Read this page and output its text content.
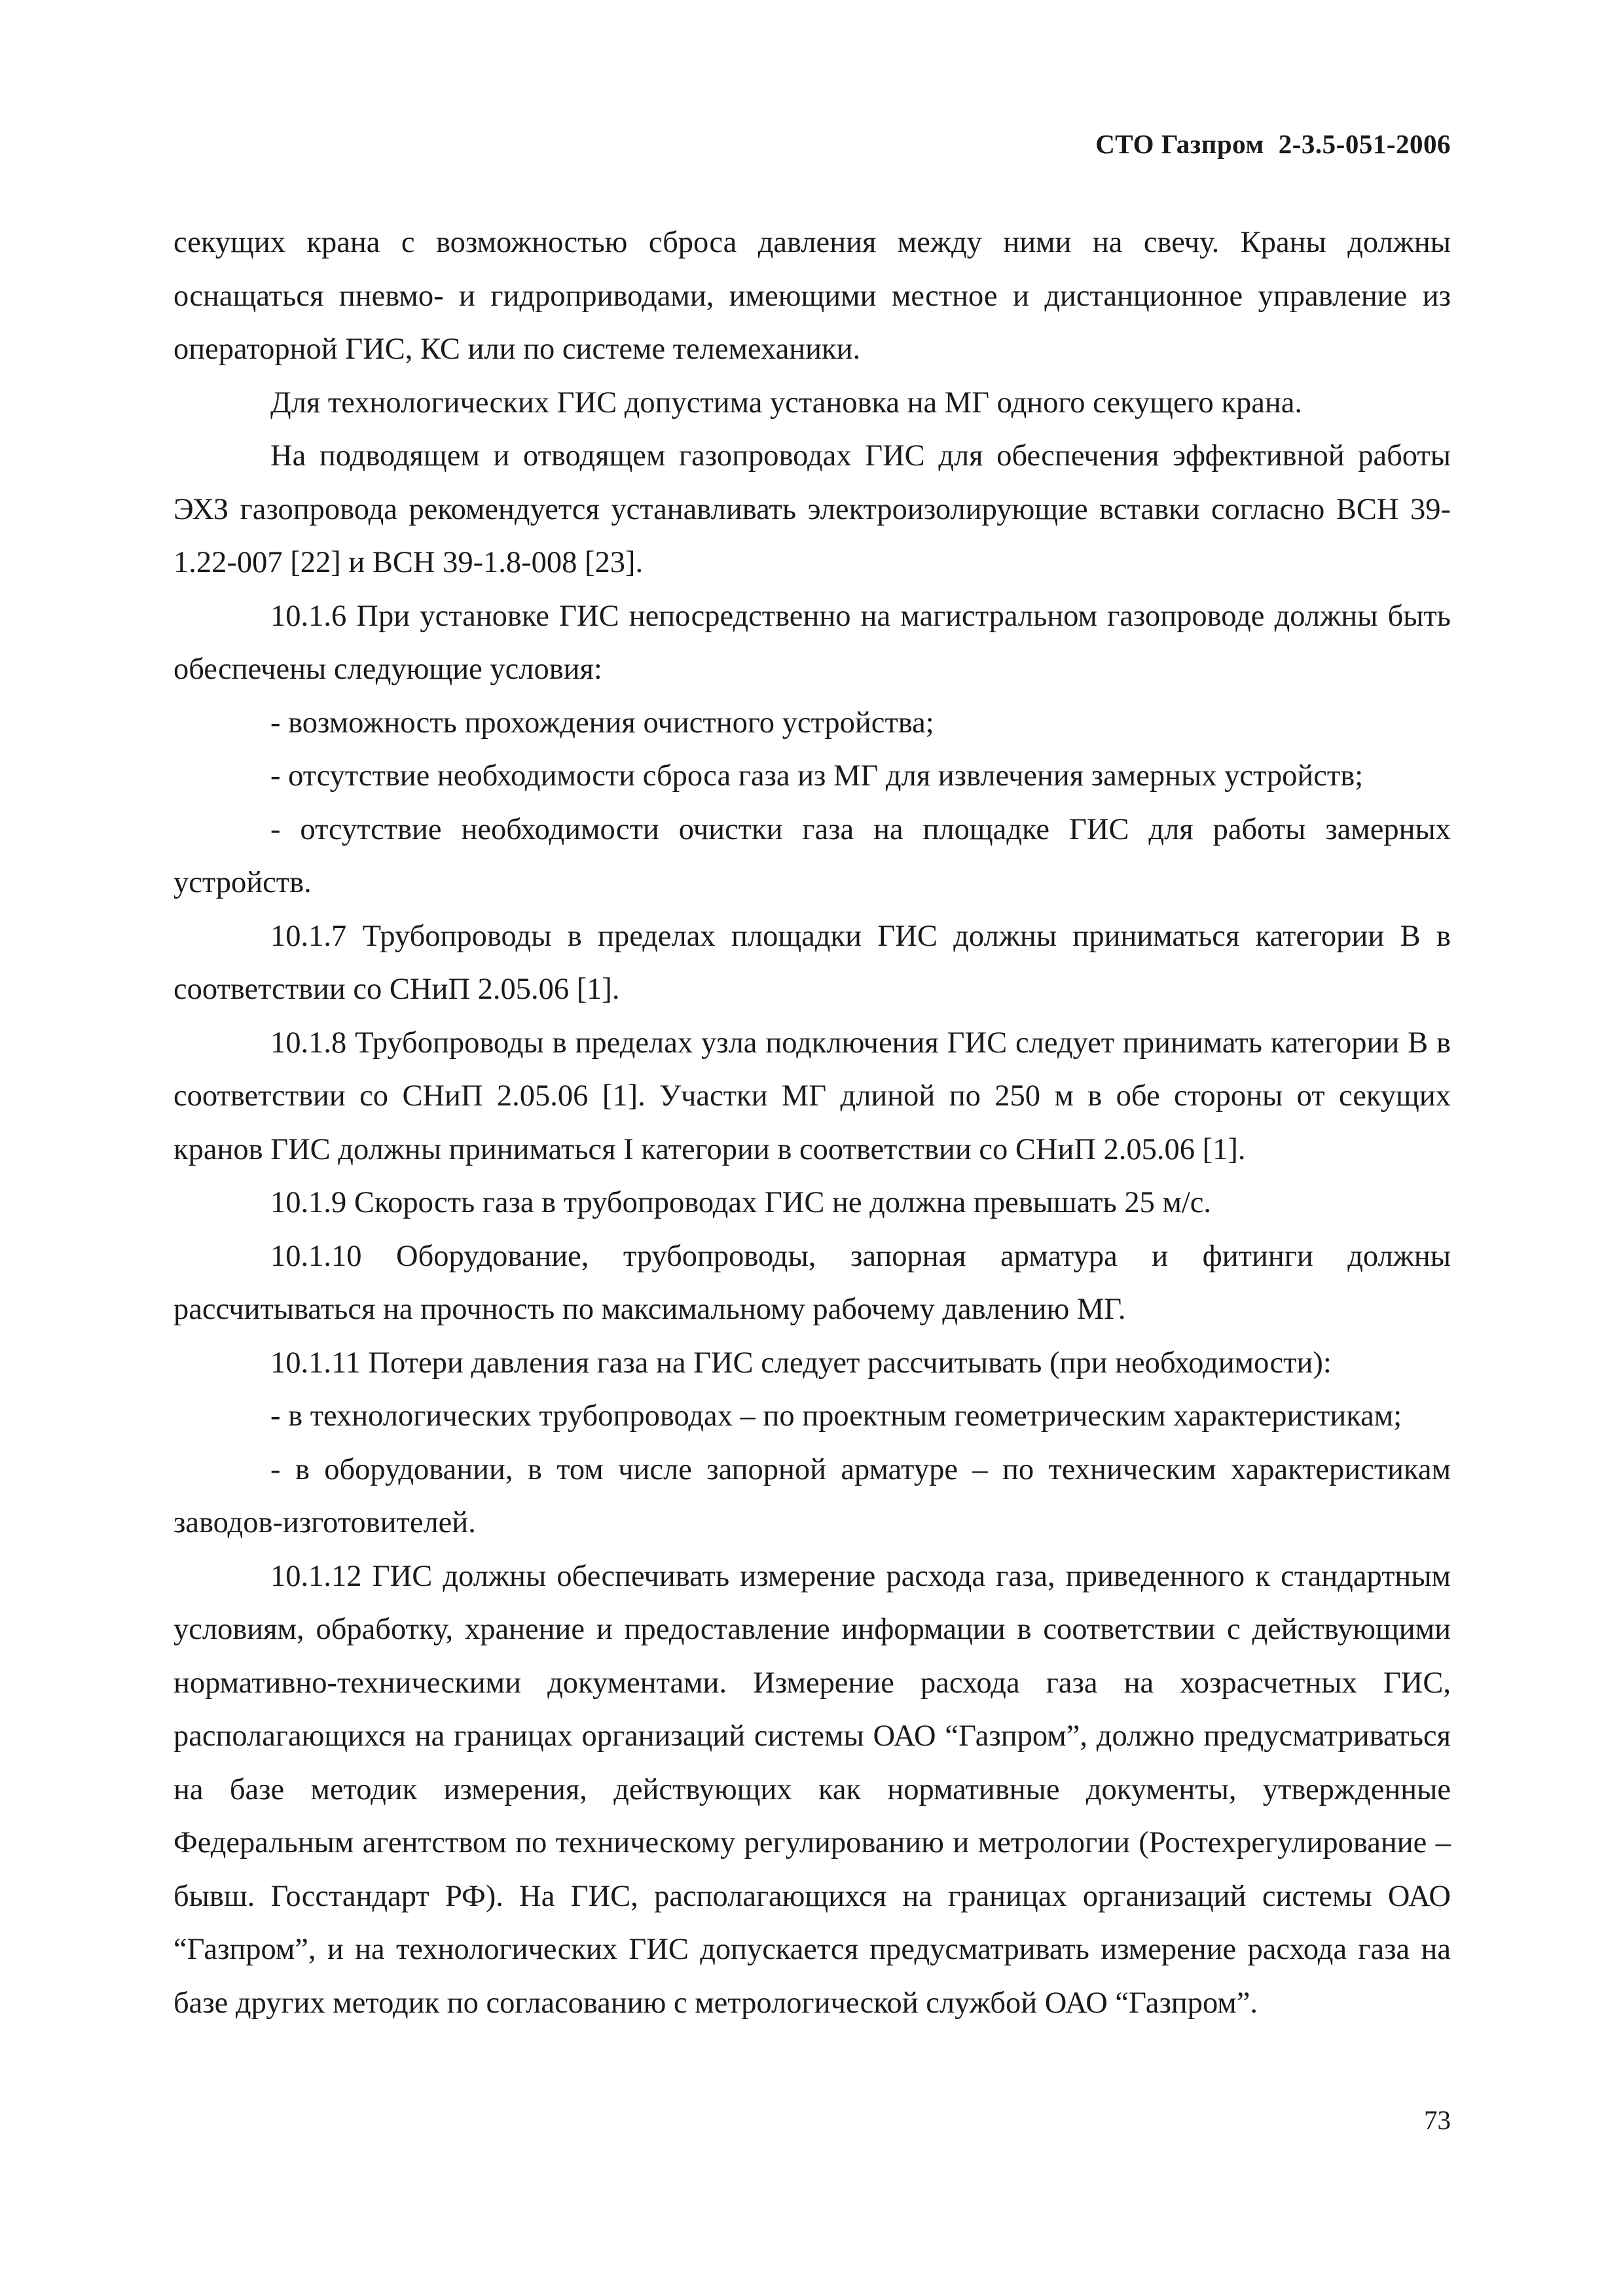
СТО Газпром 2-3.5-051-2006

секущих крана с возможностью сброса давления между ними на свечу. Краны должны оснащаться пневмо- и гидроприводами, имеющими местное и дистанционное управление из операторной ГИС, КС или по системе телемеханики.

Для технологических ГИС допустима установка на МГ одного секущего крана.

На подводящем и отводящем газопроводах ГИС для обеспечения эффективной работы ЭХЗ газопровода рекомендуется устанавливать электроизолирующие вставки согласно ВСН 39-1.22-007 [22] и ВСН 39-1.8-008 [23].

10.1.6 При установке ГИС непосредственно на магистральном газопроводе должны быть обеспечены следующие условия:

- возможность прохождения очистного устройства;

- отсутствие необходимости сброса газа из МГ для извлечения замерных устройств;

- отсутствие необходимости очистки газа на площадке ГИС для работы замерных устройств.

10.1.7 Трубопроводы в пределах площадки ГИС должны приниматься категории В в соответствии со СНиП 2.05.06 [1].

10.1.8 Трубопроводы в пределах узла подключения ГИС следует принимать категории В в соответствии со СНиП 2.05.06 [1]. Участки МГ длиной по 250 м в обе стороны от секущих кранов ГИС должны приниматься I категории в соответствии со СНиП 2.05.06 [1].

10.1.9 Скорость газа в трубопроводах ГИС не должна превышать 25 м/с.

10.1.10 Оборудование, трубопроводы, запорная арматура и фитинги должны рассчитываться на прочность по максимальному рабочему давлению МГ.

10.1.11 Потери давления газа на ГИС следует рассчитывать (при необходимости):

- в технологических трубопроводах – по проектным геометрическим характеристикам;

- в оборудовании, в том числе запорной арматуре – по техническим характеристикам заводов-изготовителей.

10.1.12 ГИС должны обеспечивать измерение расхода газа, приведенного к стандартным условиям, обработку, хранение и предоставление информации в соответствии с действующими нормативно-техническими документами. Измерение расхода газа на хозрасчетных ГИС, располагающихся на границах организаций системы ОАО “Газпром”, должно предусматриваться на базе методик измерения, действующих как нормативные документы, утвержденные Федеральным агентством по техническому регулированию и метрологии (Ростехрегулирование – бывш. Госстандарт РФ). На ГИС, располагающихся на границах организаций системы ОАО “Газпром”, и на технологических ГИС допускается предусматривать измерение расхода газа на базе других методик по согласованию с метрологической службой ОАО “Газпром”.

73
